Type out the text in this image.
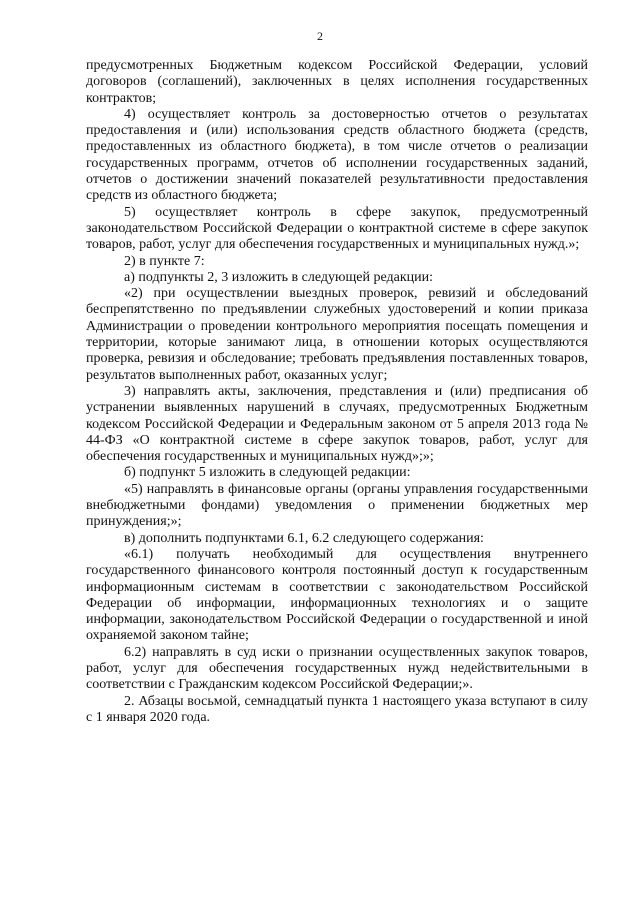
2

предусмотренных Бюджетным кодексом Российской Федерации, условий договоров (соглашений), заключенных в целях исполнения государственных контрактов;

4) осуществляет контроль за достоверностью отчетов о результатах предоставления и (или) использования средств областного бюджета (средств, предоставленных из областного бюджета), в том числе отчетов о реализации государственных программ, отчетов об исполнении государственных заданий, отчетов о достижении значений показателей результативности предоставления средств из областного бюджета;

5) осуществляет контроль в сфере закупок, предусмотренный законодательством Российской Федерации о контрактной системе в сфере закупок товаров, работ, услуг для обеспечения государственных и муниципальных нужд.»;

2) в пункте 7:

а) подпункты 2, 3 изложить в следующей редакции:

«2) при осуществлении выездных проверок, ревизий и обследований беспрепятственно по предъявлении служебных удостоверений и копии приказа Администрации о проведении контрольного мероприятия посещать помещения и территории, которые занимают лица, в отношении которых осуществляются проверка, ревизия и обследование; требовать предъявления поставленных товаров, результатов выполненных работ, оказанных услуг;

3) направлять акты, заключения, представления и (или) предписания об устранении выявленных нарушений в случаях, предусмотренных Бюджетным кодексом Российской Федерации и Федеральным законом от 5 апреля 2013 года № 44-ФЗ «О контрактной системе в сфере закупок товаров, работ, услуг для обеспечения государственных и муниципальных нужд»;»;

б) подпункт 5 изложить в следующей редакции:

«5) направлять в финансовые органы (органы управления государственными внебюджетными фондами) уведомления о применении бюджетных мер принуждения;»;

в) дополнить подпунктами 6.1, 6.2 следующего содержания:

«6.1) получать необходимый для осуществления внутреннего государственного финансового контроля постоянный доступ к государственным информационным системам в соответствии с законодательством Российской Федерации об информации, информационных технологиях и о защите информации, законодательством Российской Федерации о государственной и иной охраняемой законом тайне;

6.2) направлять в суд иски о признании осуществленных закупок товаров, работ, услуг для обеспечения государственных нужд недействительными в соответствии с Гражданским кодексом Российской Федерации;».

2. Абзацы восьмой, семнадцатый пункта 1 настоящего указа вступают в силу с 1 января 2020 года.
